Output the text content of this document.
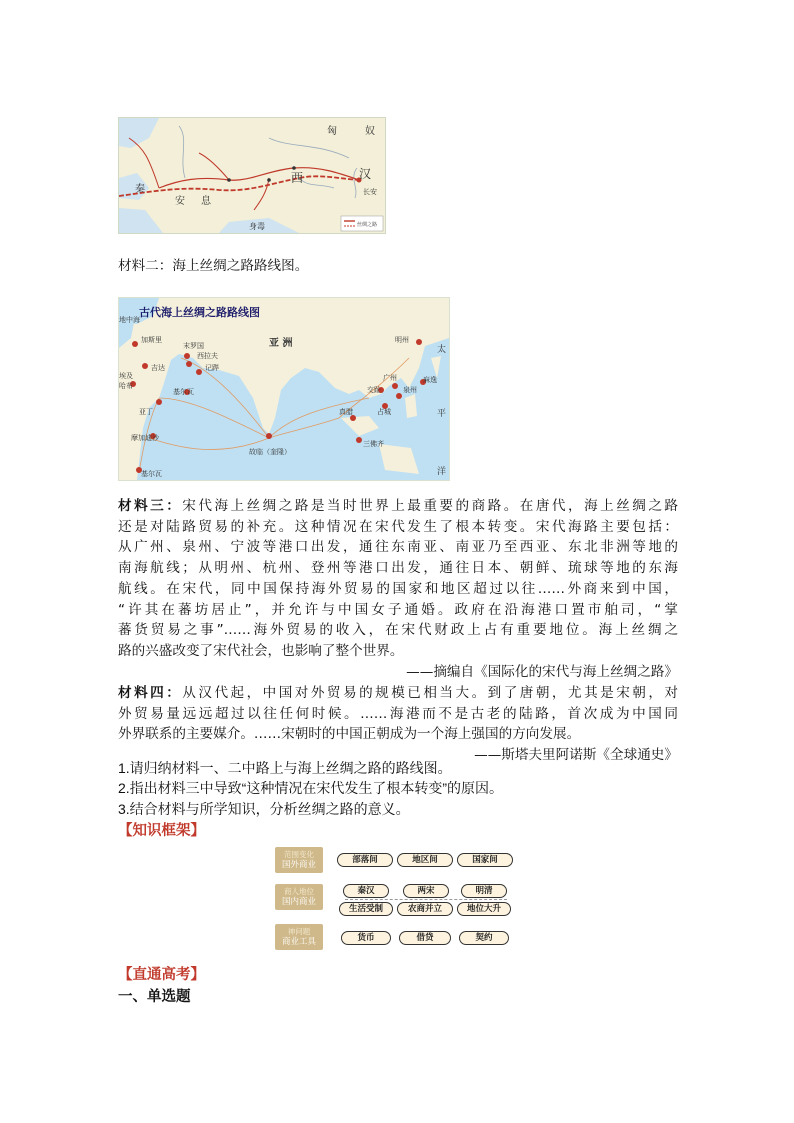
匈	奴
西	汉
长安
安 息
秦
身毒	丝绸之路
材料二：海上丝绸之路路线图。
古代海上丝绸之路路线图
亚 洲
地中海
加斯里
吉达
埃及
哈布
末罗国
西拉夫
记跸
基尔瓦
亚丁
摩加迪沙
基尔瓦
故临（奎隆）
明州
广州
泉州
交趾
占城
真腊
三佛齐
麻逸
太
平
洋
材料三：宋代海上丝绸之路是当时世界上最重要的商路。在唐代，海上丝绸之路
还是对陆路贸易的补充。这种情况在宋代发生了根本转变。宋代海路主要包括：
从广州、泉州、宁波等港口出发，通往东南亚、南亚乃至西亚、东北非洲等地的
南海航线；从明州、杭州、登州等港口出发，通往日本、朝鲜、琉球等地的东海
航线。在宋代，同中国保持海外贸易的国家和地区超过以往……外商来到中国，
“许其在蕃坊居止”，并允许与中国女子通婚。政府在沿海港口置市舶司，“掌
蕃货贸易之事”……海外贸易的收入，在宋代财政上占有重要地位。海上丝绸之
路的兴盛改变了宋代社会，也影响了整个世界。
——摘编自《国际化的宋代与海上丝绸之路》
材料四：从汉代起，中国对外贸易的规模已相当大。到了唐朝，尤其是宋朝，对
外贸易量远远超过以往任何时候。……海港而不是古老的陆路，首次成为中国同
外界联系的主要媒介。……宋朝时的中国正朝成为一个海上强国的方向发展。
——斯塔夫里阿诺斯《全球通史》
1.请归纳材料一、二中路上与海上丝绸之路的路线图。
2.指出材料三中导致“这种情况在宋代发生了根本转变”的原因。
3.结合材料与所学知识，分析丝绸之路的意义。
【知识框架】
范围变化
国外商业	部落间	地区间	国家间
商人地位
国内商业
秦汉	两宋	明清
生活受制	农商并立	地位大升
神问题
商业工具	货币	借贷	契约
【直通高考】
一、单选题
